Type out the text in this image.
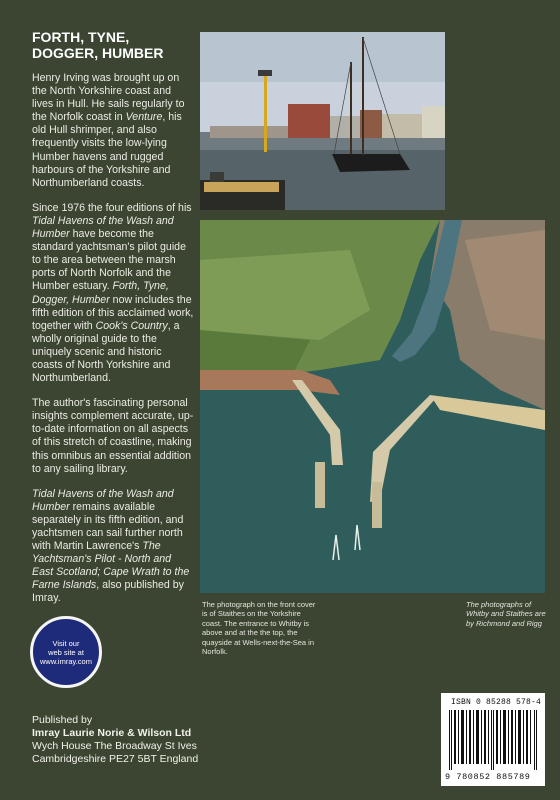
FORTH, TYNE, DOGGER, HUMBER

Henry Irving was brought up on the North Yorkshire coast and lives in Hull. He sails regularly to the Norfolk coast in Venture, his old Hull shrimper, and also frequently visits the low-lying Humber havens and rugged harbours of the Yorkshire and Northumberland coasts.

Since 1976 the four editions of his Tidal Havens of the Wash and Humber have become the standard yachtsman's pilot guide to the area between the marsh ports of North Norfolk and the Humber estuary. Forth, Tyne, Dogger, Humber now includes the fifth edition of this acclaimed work, together with Cook's Country, a wholly original guide to the uniquely scenic and historic coasts of North Yorkshire and Northumberland.

The author's fascinating personal insights complement accurate, up-to-date information on all aspects of this stretch of coastline, making this omnibus an essential addition to any sailing library.

Tidal Havens of the Wash and Humber remains available separately in its fifth edition, and yachtsmen can sail further north with Martin Lawrence's The Yachtsman's Pilot - North and East Scotland; Cape Wrath to the Farne Islands, also published by Imray.

The photograph on the front cover is of Staithes on the Yorkshire coast. The entrance to Whitby is above and at the the top, the quayside at Wells-next-the-Sea in Norfolk.
The photographs of Whitby and Staithes are by Richmond and Rigg
Visit our
web site at
www.imray.com
Published by
Imray Laurie Norie & Wilson Ltd
Wych House The Broadway St Ives
Cambridgeshire PE27 5BT England
ISBN 0 85288 578-4
9 780852 885789
